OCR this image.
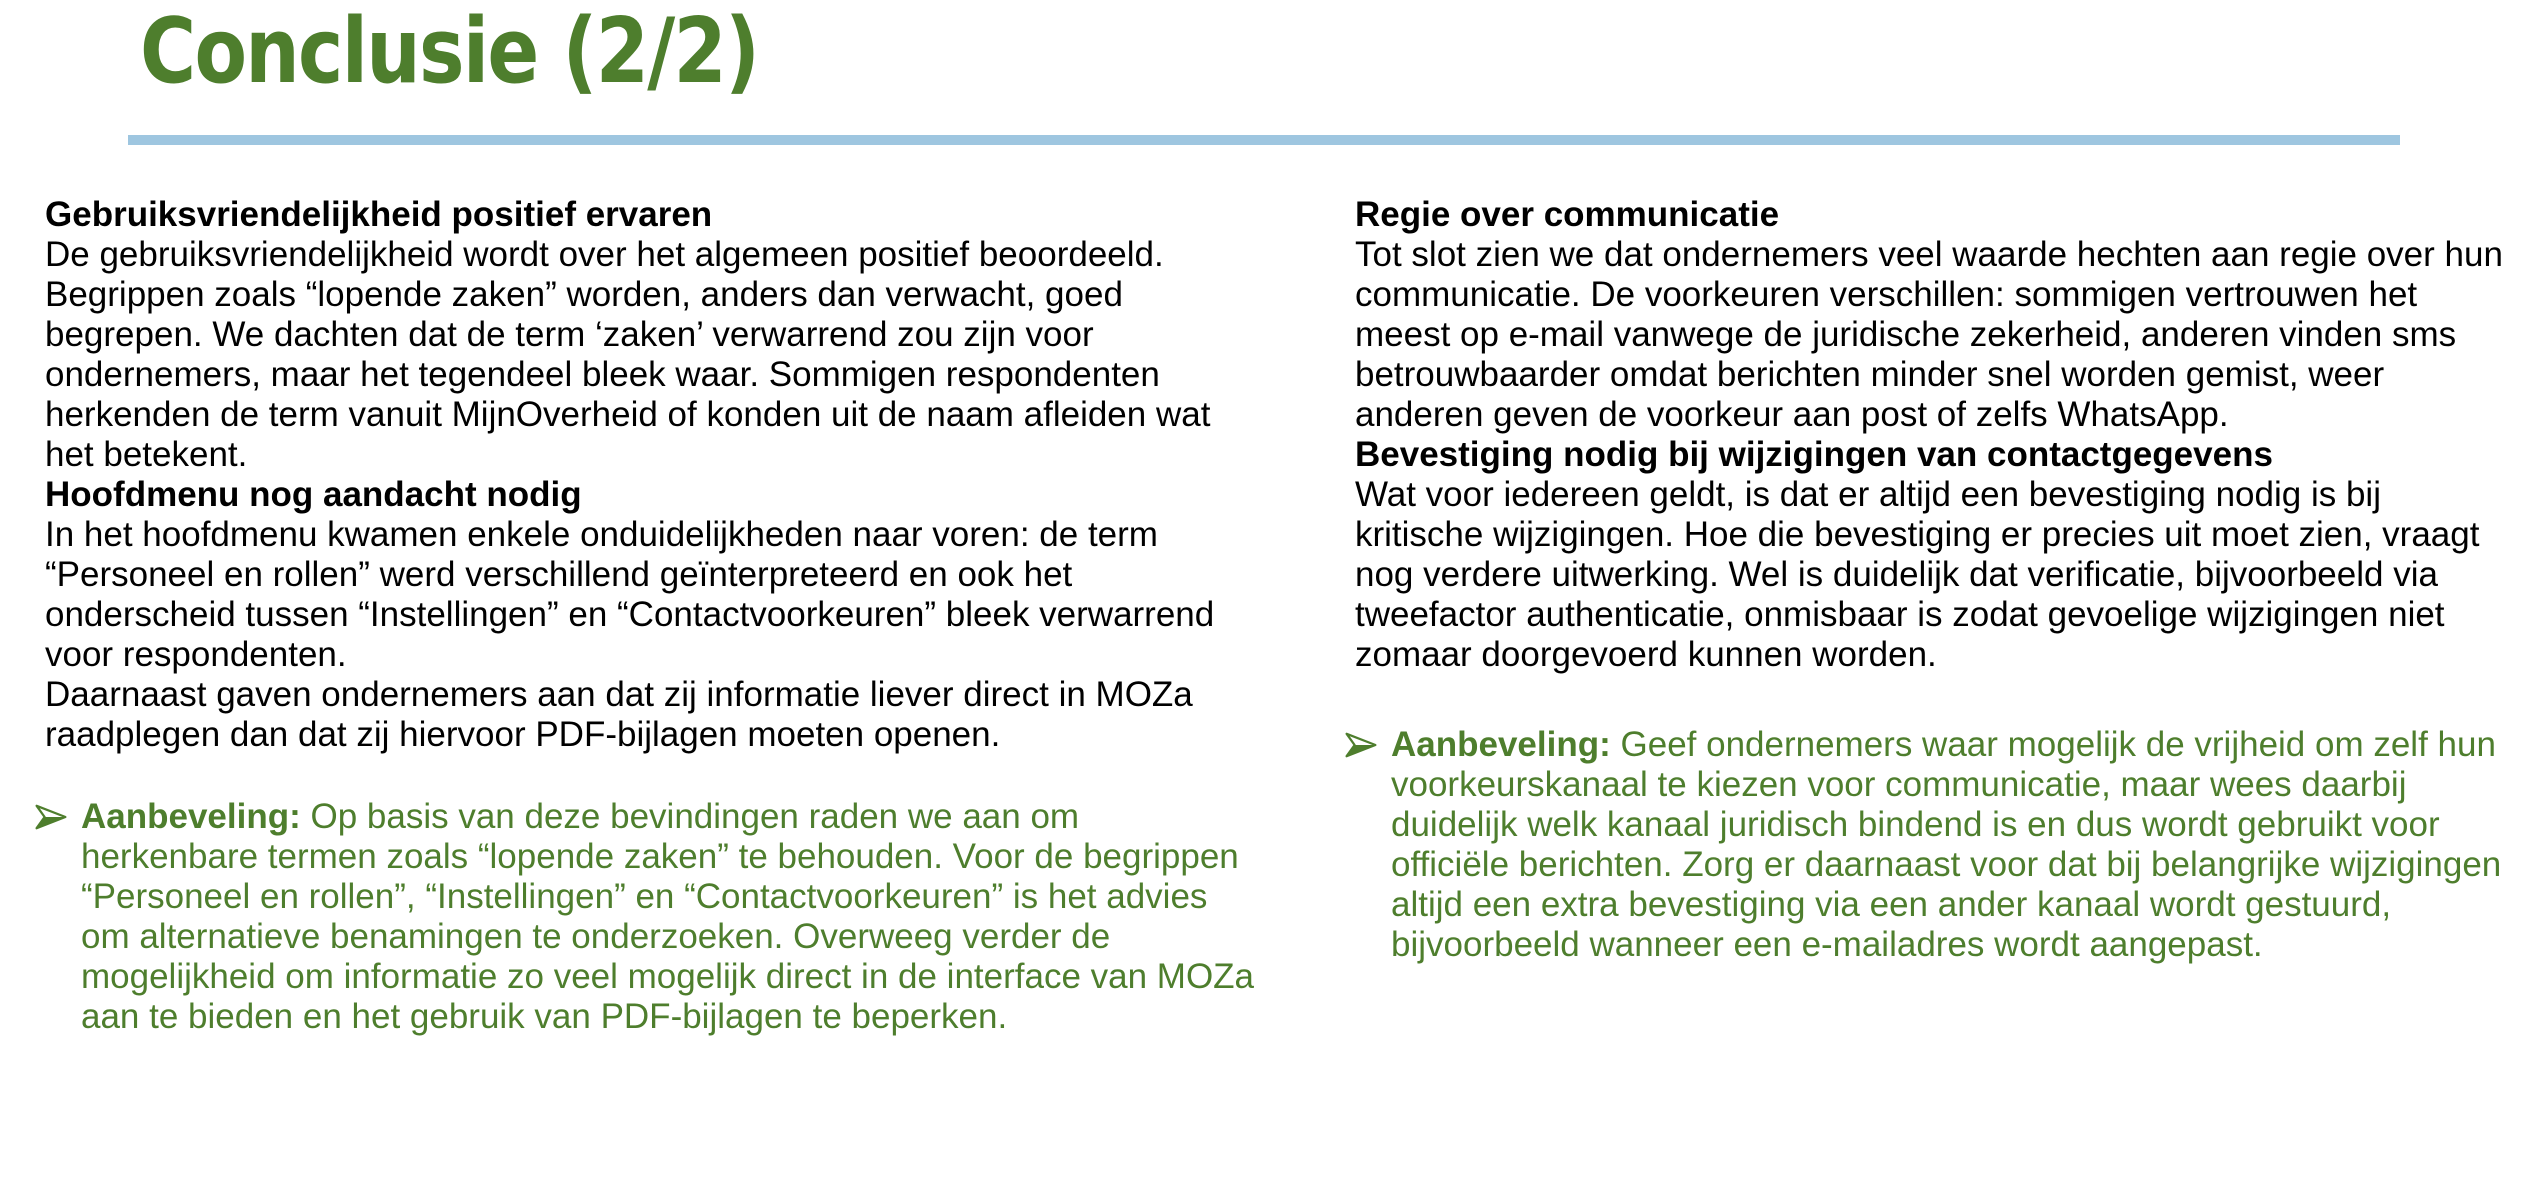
Conclusie (2/2)
Gebruiksvriendelijkheid positief ervaren

De gebruiksvriendelijkheid wordt over het algemeen positief beoordeeld. Begrippen zoals “lopende zaken” worden, anders dan verwacht, goed begrepen. We dachten dat de term ‘zaken’ verwarrend zou zijn voor ondernemers, maar het tegendeel bleek waar. Sommigen respondenten herkenden de term vanuit MijnOverheid of konden uit de naam afleiden wat het betekent.

Hoofdmenu nog aandacht nodig

In het hoofdmenu kwamen enkele onduidelijkheden naar voren: de term “Personeel en rollen” werd verschillend geïnterpreteerd en ook het onderscheid tussen “Instellingen” en “Contactvoorkeuren” bleek verwarrend voor respondenten.

Daarnaast gaven ondernemers aan dat zij informatie liever direct in MOZa raadplegen dan dat zij hiervoor PDF-bijlagen moeten openen.

Aanbeveling: Op basis van deze bevindingen raden we aan om herkenbare termen zoals “lopende zaken” te behouden. Voor de begrippen “Personeel en rollen”, “Instellingen” en “Contactvoorkeuren” is het advies om alternatieve benamingen te onderzoeken. Overweeg verder de mogelijkheid om informatie zo veel mogelijk direct in de interface van MOZa aan te bieden en het gebruik van PDF-bijlagen te beperken.
Regie over communicatie

Tot slot zien we dat ondernemers veel waarde hechten aan regie over hun communicatie. De voorkeuren verschillen: sommigen vertrouwen het meest op e-mail vanwege de juridische zekerheid, anderen vinden sms betrouwbaarder omdat berichten minder snel worden gemist, weer anderen geven de voorkeur aan post of zelfs WhatsApp.

Bevestiging nodig bij wijzigingen van contactgegevens

Wat voor iedereen geldt, is dat er altijd een bevestiging nodig is bij kritische wijzigingen. Hoe die bevestiging er precies uit moet zien, vraagt nog verdere uitwerking. Wel is duidelijk dat verificatie, bijvoorbeeld via tweefactor authenticatie, onmisbaar is zodat gevoelige wijzigingen niet zomaar doorgevoerd kunnen worden.

Aanbeveling: Geef ondernemers waar mogelijk de vrijheid om zelf hun voorkeurskanaal te kiezen voor communicatie, maar wees daarbij duidelijk welk kanaal juridisch bindend is en dus wordt gebruikt voor officiële berichten. Zorg er daarnaast voor dat bij belangrijke wijzigingen altijd een extra bevestiging via een ander kanaal wordt gestuurd, bijvoorbeeld wanneer een e-mailadres wordt aangepast.
